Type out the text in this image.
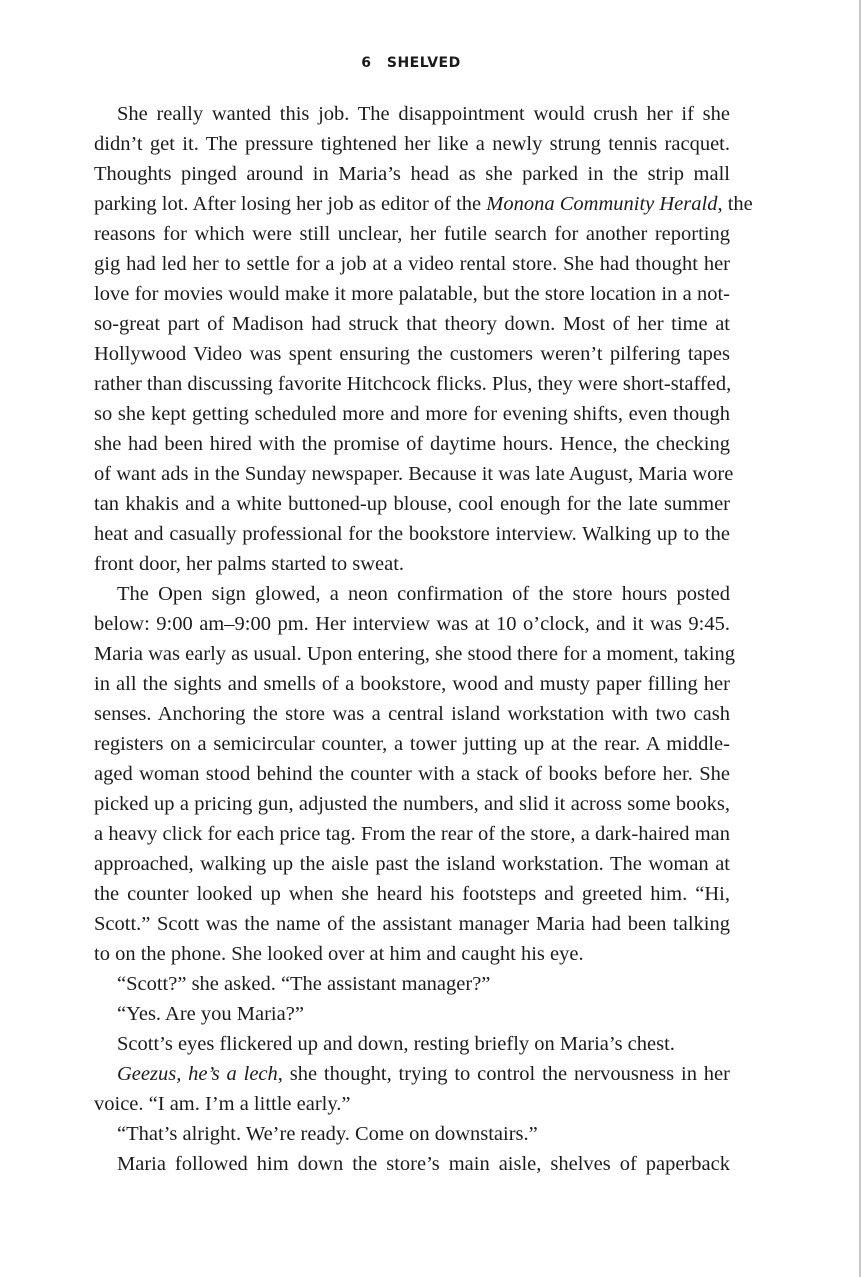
6 SHELVED
She really wanted this job. The disappointment would crush her if she
didn’t get it. The pressure tightened her like a newly strung tennis racquet.
Thoughts pinged around in Maria’s head as she parked in the strip mall
parking lot. After losing her job as editor of the Monona Community Herald, the
reasons for which were still unclear, her futile search for another reporting
gig had led her to settle for a job at a video rental store. She had thought her
love for movies would make it more palatable, but the store location in a not-
so-great part of Madison had struck that theory down. Most of her time at
Hollywood Video was spent ensuring the customers weren’t pilfering tapes
rather than discussing favorite Hitchcock flicks. Plus, they were short-staffed,
so she kept getting scheduled more and more for evening shifts, even though
she had been hired with the promise of daytime hours. Hence, the checking
of want ads in the Sunday newspaper. Because it was late August, Maria wore
tan khakis and a white buttoned-up blouse, cool enough for the late summer
heat and casually professional for the bookstore interview. Walking up to the
front door, her palms started to sweat.
The Open sign glowed, a neon confirmation of the store hours posted
below: 9:00 am–9:00 pm. Her interview was at 10 o’clock, and it was 9:45.
Maria was early as usual. Upon entering, she stood there for a moment, taking
in all the sights and smells of a bookstore, wood and musty paper filling her
senses. Anchoring the store was a central island workstation with two cash
registers on a semicircular counter, a tower jutting up at the rear. A middle-
aged woman stood behind the counter with a stack of books before her. She
picked up a pricing gun, adjusted the numbers, and slid it across some books,
a heavy click for each price tag. From the rear of the store, a dark-haired man
approached, walking up the aisle past the island workstation. The woman at
the counter looked up when she heard his footsteps and greeted him. “Hi,
Scott.” Scott was the name of the assistant manager Maria had been talking
to on the phone. She looked over at him and caught his eye.
“Scott?” she asked. “The assistant manager?”
“Yes. Are you Maria?”
Scott’s eyes flickered up and down, resting briefly on Maria’s chest.
Geezus, he’s a lech, she thought, trying to control the nervousness in her
voice. “I am. I’m a little early.”
“That’s alright. We’re ready. Come on downstairs.”
Maria followed him down the store’s main aisle, shelves of paperback
